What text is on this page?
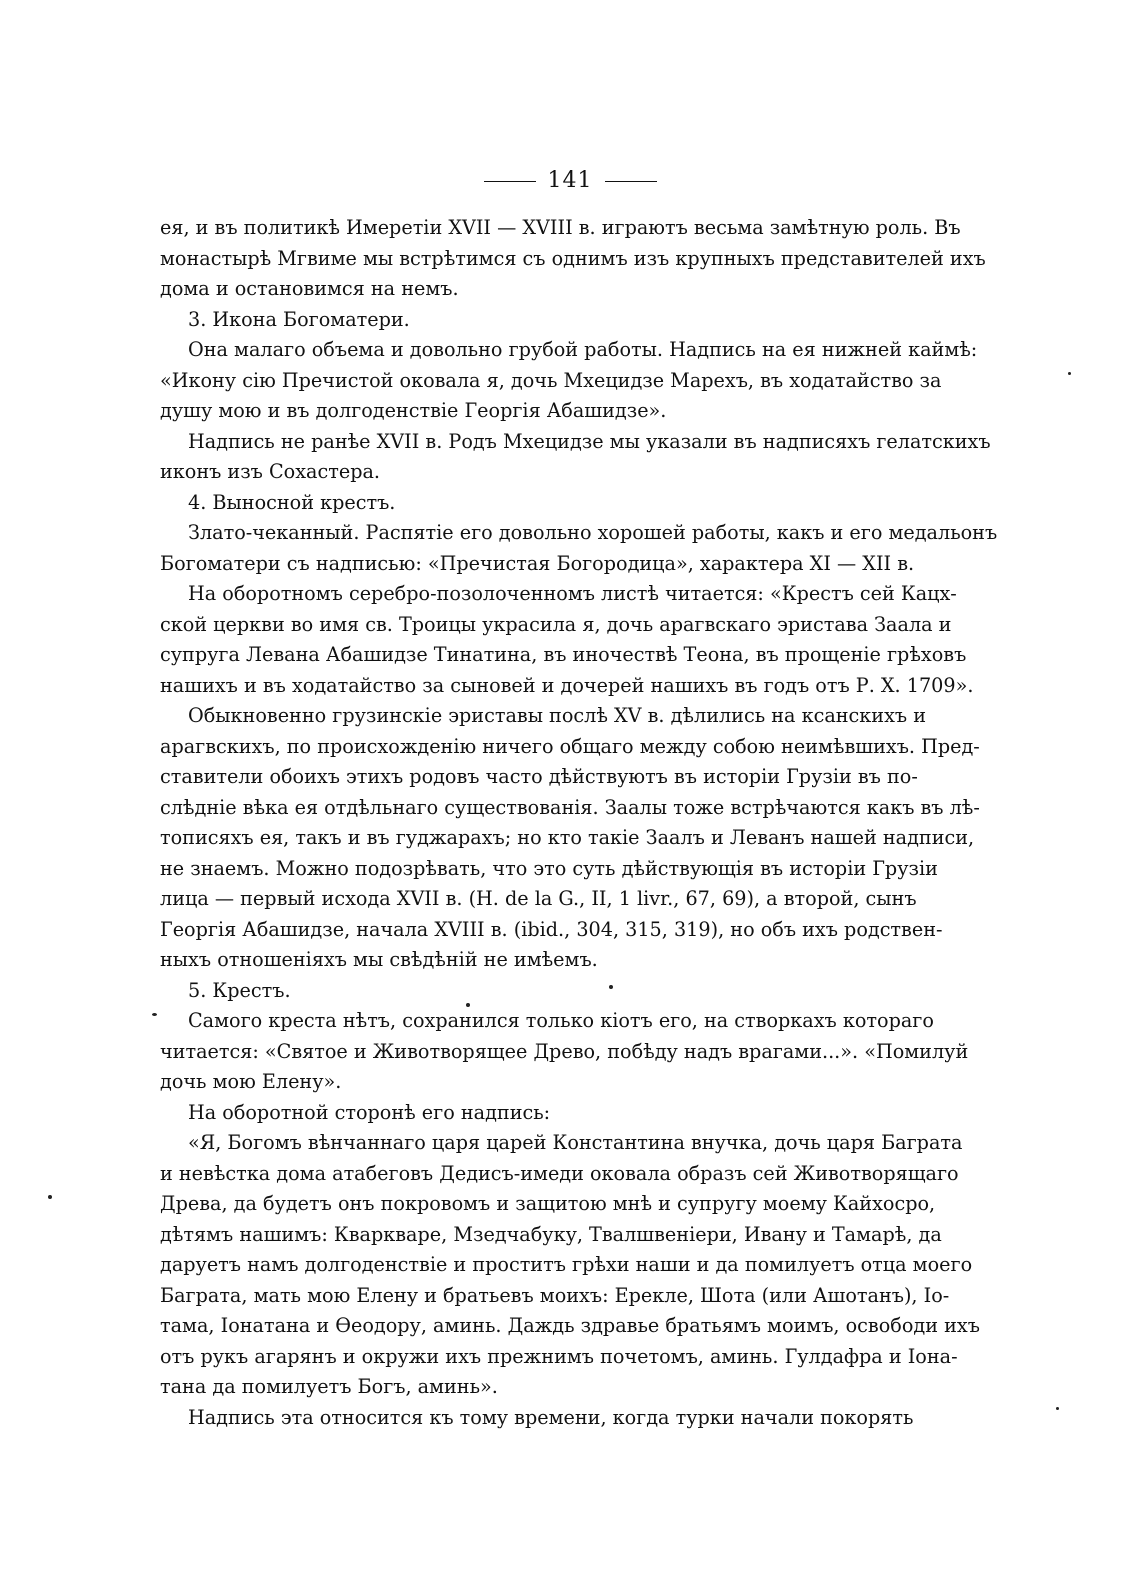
141
ея, и въ политикѣ Имеретіи XVII — XVIII в. играютъ весьма замѣтную роль. Въ
монастырѣ Мгвиме мы встрѣтимся съ однимъ изъ крупныхъ представителей ихъ
дома и остановимся на немъ.
3. Икона Богоматери.
Она малаго объема и довольно грубой работы. Надпись на ея нижней каймѣ:
«Икону сію Пречистой оковала я, дочь Мхецидзе Марехъ, въ ходатайство за
душу мою и въ долгоденствіе Георгія Абашидзе».
Надпись не ранѣе XVII в. Родъ Мхецидзе мы указали въ надписяхъ гелатскихъ
иконъ изъ Сохастера.
4. Выносной крестъ.
Злато-чеканный. Распятіе его довольно хорошей работы, какъ и его медальонъ
Богоматери съ надписью: «Пречистая Богородица», характера XI — XII в.
На оборотномъ серебро-позолоченномъ листѣ читается: «Крестъ сей Кацх-
ской церкви во имя св. Троицы украсила я, дочь арагвскаго эристава Заала и
супруга Левана Абашидзе Тинатина, въ иночествѣ Теона, въ прощеніе грѣховъ
нашихъ и въ ходатайство за сыновей и дочерей нашихъ въ годъ отъ Р. Х. 1709».
Обыкновенно грузинскіе эриставы послѣ XV в. дѣлились на ксанскихъ и
арагвскихъ, по происхожденію ничего общаго между собою неимѣвшихъ. Пред-
ставители обоихъ этихъ родовъ часто дѣйствуютъ въ исторіи Грузіи въ по-
слѣдніе вѣка ея отдѣльнаго существованія. Заалы тоже встрѣчаются какъ въ лѣ-
тописяхъ ея, такъ и въ гуджарахъ; но кто такіе Заалъ и Леванъ нашей надписи,
не знаемъ. Можно подозрѣвать, что это суть дѣйствующія въ исторіи Грузіи
лица — первый исхода XVII в. (H. de la G., II, 1 livr., 67, 69), а второй, сынъ
Георгія Абашидзе, начала XVIII в. (ibid., 304, 315, 319), но объ ихъ родствен-
ныхъ отношеніяхъ мы свѣдѣній не имѣемъ.
5. Крестъ.
Самого креста нѣтъ, сохранился только кіотъ его, на створкахъ котораго
читается: «Святое и Животворящее Древо, побѣду надъ врагами...». «Помилуй
дочь мою Елену».
На оборотной сторонѣ его надпись:
«Я, Богомъ вѣнчаннаго царя царей Константина внучка, дочь царя Баграта
и невѣстка дома атабеговъ Дедисъ-имеди оковала образъ сей Животворящаго
Древа, да будетъ онъ покровомъ и защитою мнѣ и супругу моему Кайхосро,
дѣтямъ нашимъ: Кваркваре, Мзедчабуку, Твалшвеніери, Ивану и Тамарѣ, да
даруетъ намъ долгоденствіе и проститъ грѣхи наши и да помилуетъ отца моего
Баграта, мать мою Елену и братьевъ моихъ: Ерекле, Шота (или Ашотанъ), Іо-
тама, Іонатана и Ѳеодору, аминь. Даждь здравье братьямъ моимъ, освободи ихъ
отъ рукъ агарянъ и окружи ихъ прежнимъ почетомъ, аминь. Гулдафра и Іона-
тана да помилуетъ Богъ, аминь».
Надпись эта относится къ тому времени, когда турки начали покорять
